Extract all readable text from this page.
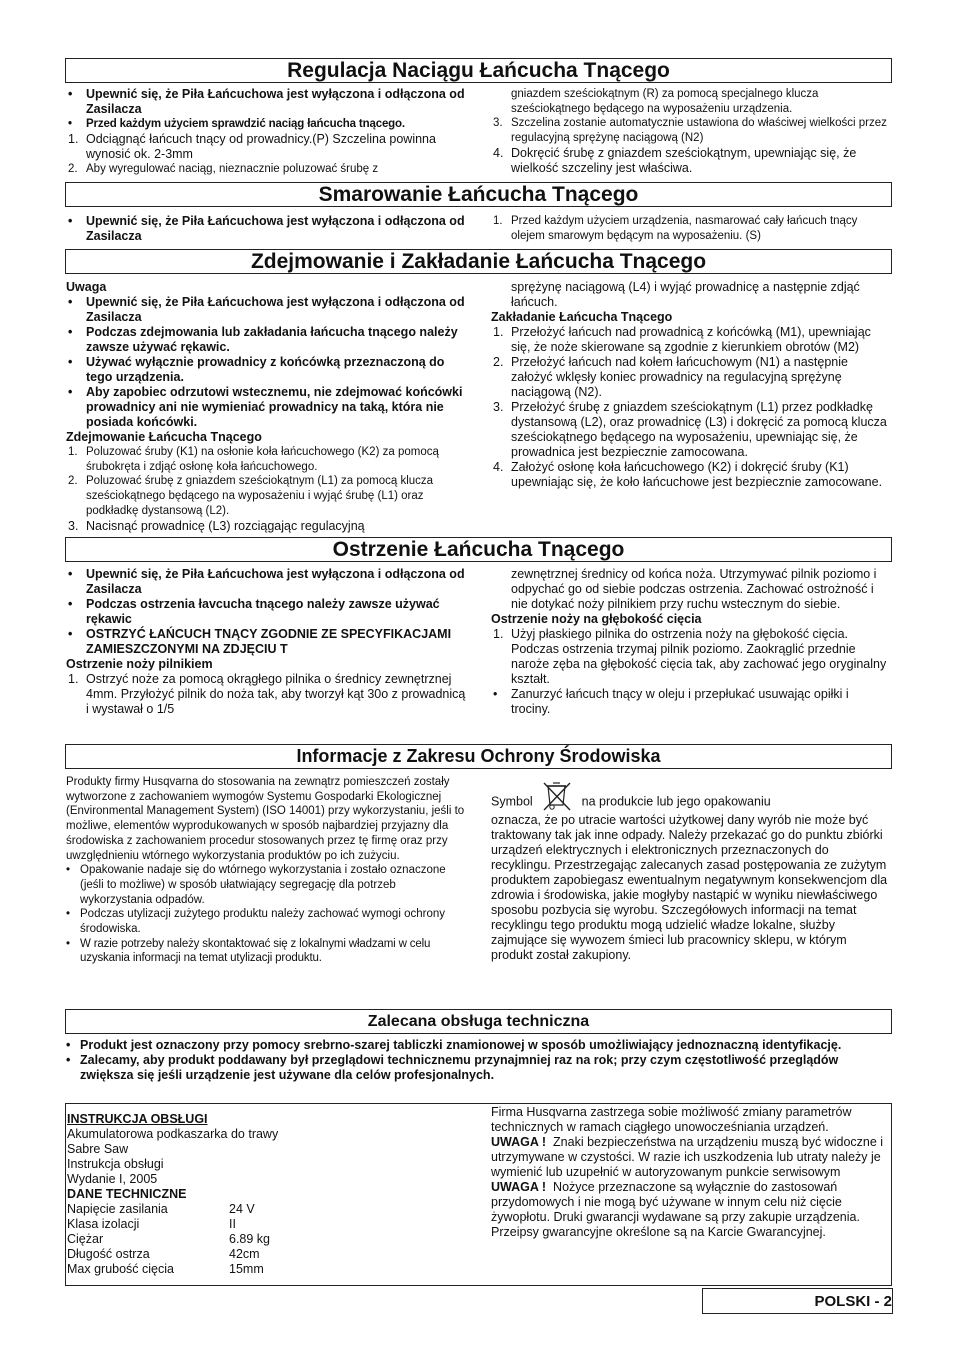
Regulacja Naciągu Łańcucha Tnącego
• Upewnić się, że Piła Łańcuchowa jest wyłączona i odłączona od Zasilacza
• Przed każdym użyciem sprawdzić naciąg łańcucha tnącego.
1. Odciągnąć łańcuch tnący od prowadnicy.(P) Szczelina powinna wynosić ok. 2-3mm
2. Aby wyregulować naciąg, nieznacznie poluzować śrubę z
gniazdem sześciokątnym (R) za pomocą specjalnego klucza sześciokątnego będącego na wyposażeniu urządzenia.
3. Szczelina zostanie automatycznie ustawiona do właściwej wielkości przez regulacyjną sprężynę naciągową (N2)
4. Dokręcić śrubę z gniazdem sześciokątnym, upewniając się, że wielkość szczeliny jest właściwa.
Smarowanie Łańcucha Tnącego
• Upewnić się, że Piła Łańcuchowa jest wyłączona i odłączona od Zasilacza
1. Przed każdym użyciem urządzenia, nasmarować cały łańcuch tnący olejem smarowym będącym na wyposażeniu. (S)
Zdejmowanie i Zakładanie Łańcucha Tnącego
Uwaga
• Upewnić się, że Piła Łańcuchowa jest wyłączona i odłączona od Zasilacza
• Podczas zdejmowania lub zakładania łańcucha tnącego należy zawsze używać rękawic.
• Używać wyłącznie prowadnicy z końcówką przeznaczoną do tego urządzenia.
• Aby zapobiec odrzutowi wstecznemu, nie zdejmować końcówki prowadnicy ani nie wymieniać prowadnicy na taką, która nie posiada końcówki.
Zdejmowanie Łańcucha Tnącego
1. Poluzować śruby (K1) na osłonie koła łańcuchowego (K2) za pomocą śrubokręta i zdjąć osłonę koła łańcuchowego.
2. Poluzować śrubę z gniazdem sześciokątnym (L1) za pomocą klucza sześciokątnego będącego na wyposażeniu i wyjąć śrubę (L1) oraz podkładkę dystansową (L2).
3. Nacisnąć prowadnicę (L3) rozciągając regulacyjną
sprężynę naciągową (L4) i wyjąć prowadnicę a następnie zdjąć łańcuch.
Zakładanie Łańcucha Tnącego
1. Przełożyć łańcuch nad prowadnicą z końcówką (M1), upewniając się, że noże skierowane są zgodnie z kierunkiem obrotów (M2)
2. Przełożyć łańcuch nad kołem łańcuchowym (N1) a następnie założyć wklęsły koniec prowadnicy na regulacyjną sprężynę naciągową (N2).
3. Przełożyć śrubę z gniazdem sześciokątnym (L1) przez podkładkę dystansową (L2), oraz prowadnicę (L3) i dokręcić za pomocą klucza sześciokątnego będącego na wyposażeniu, upewniając się, że prowadnica jest bezpiecznie zamocowana.
4. Założyć osłonę koła łańcuchowego (K2) i dokręcić śruby (K1) upewniając się, że koło łańcuchowe jest bezpiecznie zamocowane.
Ostrzenie Łańcucha Tnącego
• Upewnić się, że Piła Łańcuchowa jest wyłączona i odłączona od Zasilacza
• Podczas ostrzenia łavcucha tnącego należy zawsze używać rękawic
• OSTRZYĆ ŁAŃCUCH TNĄCY ZGODNIE ZE SPECYFIKACJAMI ZAMIESZCZONYMI NA ZDJĘCIU T
Ostrzenie noży pilnikiem
1. Ostrzyć noże za pomocą okrągłego pilnika o średnicy zewnętrznej 4mm. Przyłożyć pilnik do noża tak, aby tworzył kąt 30o z prowadnicą i wystawał o 1/5
zewnętrznej średnicy od końca noża. Utrzymywać pilnik poziomo i odpychać go od siebie podczas ostrzenia. Zachować ostrożność i nie dotykać noży pilnikiem przy ruchu wstecznym do siebie.
Ostrzenie noży na głębokość cięcia
1. Użyj płaskiego pilnika do ostrzenia noży na głębokość cięcia. Podczas ostrzenia trzymaj pilnik poziomo. Zaokrąglić przednie naroże zęba na głębokość cięcia tak, aby zachować jego oryginalny kształt.
• Zanurzyć łańcuch tnący w oleju i przepłukać usuwając opiłki i trociny.
Informacje z Zakresu Ochrony Środowiska
Produkty firmy Husqvarna do stosowania na zewnątrz pomieszczeń zostały wytworzone z zachowaniem wymogów Systemu Gospodarki Ekologicznej (Environmental Management System) (ISO 14001) przy wykorzystaniu, jeśli to możliwe, elementów wyprodukowanych w sposób najbardziej przyjazny dla środowiska z zachowaniem procedur stosowanych przez tę firmę oraz przy uwzględnieniu wtórnego wykorzystania produktów po ich zużyciu.
• Opakowanie nadaje się do wtórnego wykorzystania i zostało oznaczone (jeśli to możliwe) w sposób ułatwiający segregację dla potrzeb wykorzystania odpadów.
• Podczas utylizacji zużytego produktu należy zachować wymogi ochrony środowiska.
• W razie potrzeby należy skontaktować się z lokalnymi władzami w celu uzyskania informacji na temat utylizacji produktu.
Symbol	na produkcie lub jego opakowaniu
oznacza, że po utracie wartości użytkowej dany wyrób nie może być traktowany tak jak inne odpady. Należy przekazać go do punktu zbiórki urządzeń elektrycznych i elektronicznych przeznaczonych do recyklingu. Przestrzegając zalecanych zasad postępowania ze zużytym produktem zapobiegasz ewentualnym negatywnym konsekwencjom dla zdrowia i środowiska, jakie mogłyby nastąpić w wyniku niewłaściwego sposobu pozbycia się wyrobu. Szczegółowych informacji na temat recyklingu tego produktu mogą udzielić władze lokalne, służby zajmujące się wywozem śmieci lub pracownicy sklepu, w którym produkt został zakupiony.
Zalecana obsługa techniczna
• Produkt jest oznaczony przy pomocy srebrno-szarej tabliczki znamionowej w sposób umożliwiający jednoznaczną identyfikację.
• Zalecamy, aby produkt poddawany był przeglądowi technicznemu przynajmniej raz na rok; przy czym częstotliwość przeglądów zwiększa się jeśli urządzenie jest używane dla celów profesjonalnych.
INSTRUKCJA OBSŁUGI
Akumulatorowa podkaszarka do trawy
Sabre Saw
Instrukcja obsługi
Wydanie I, 2005
DANE TECHNICZNE
Napięcie zasilania	24 V
Klasa izolacji	II
Ciężar	6.89 kg
Długość ostrza	42cm
Max grubość cięcia	15mm
Firma Husqvarna zastrzega sobie możliwość zmiany parametrów technicznych w ramach ciągłego unowocześniania urządzeń.
UWAGA ! Znaki bezpieczeństwa na urządzeniu muszą być widoczne i utrzymywane w czystości. W razie ich uszkodzenia lub utraty należy je wymienić lub uzupełnić w autoryzowanym punkcie serwisowym
UWAGA ! Nożyce przeznaczone są wyłącznie do zastosowań przydomowych i nie mogą być używane w innym celu niż cięcie żywopłotu. Druki gwarancji wydawane są przy zakupie urządzenia. Przeipsy gwarancyjne określone są na Karcie Gwarancyjnej.
POLSKI - 2
